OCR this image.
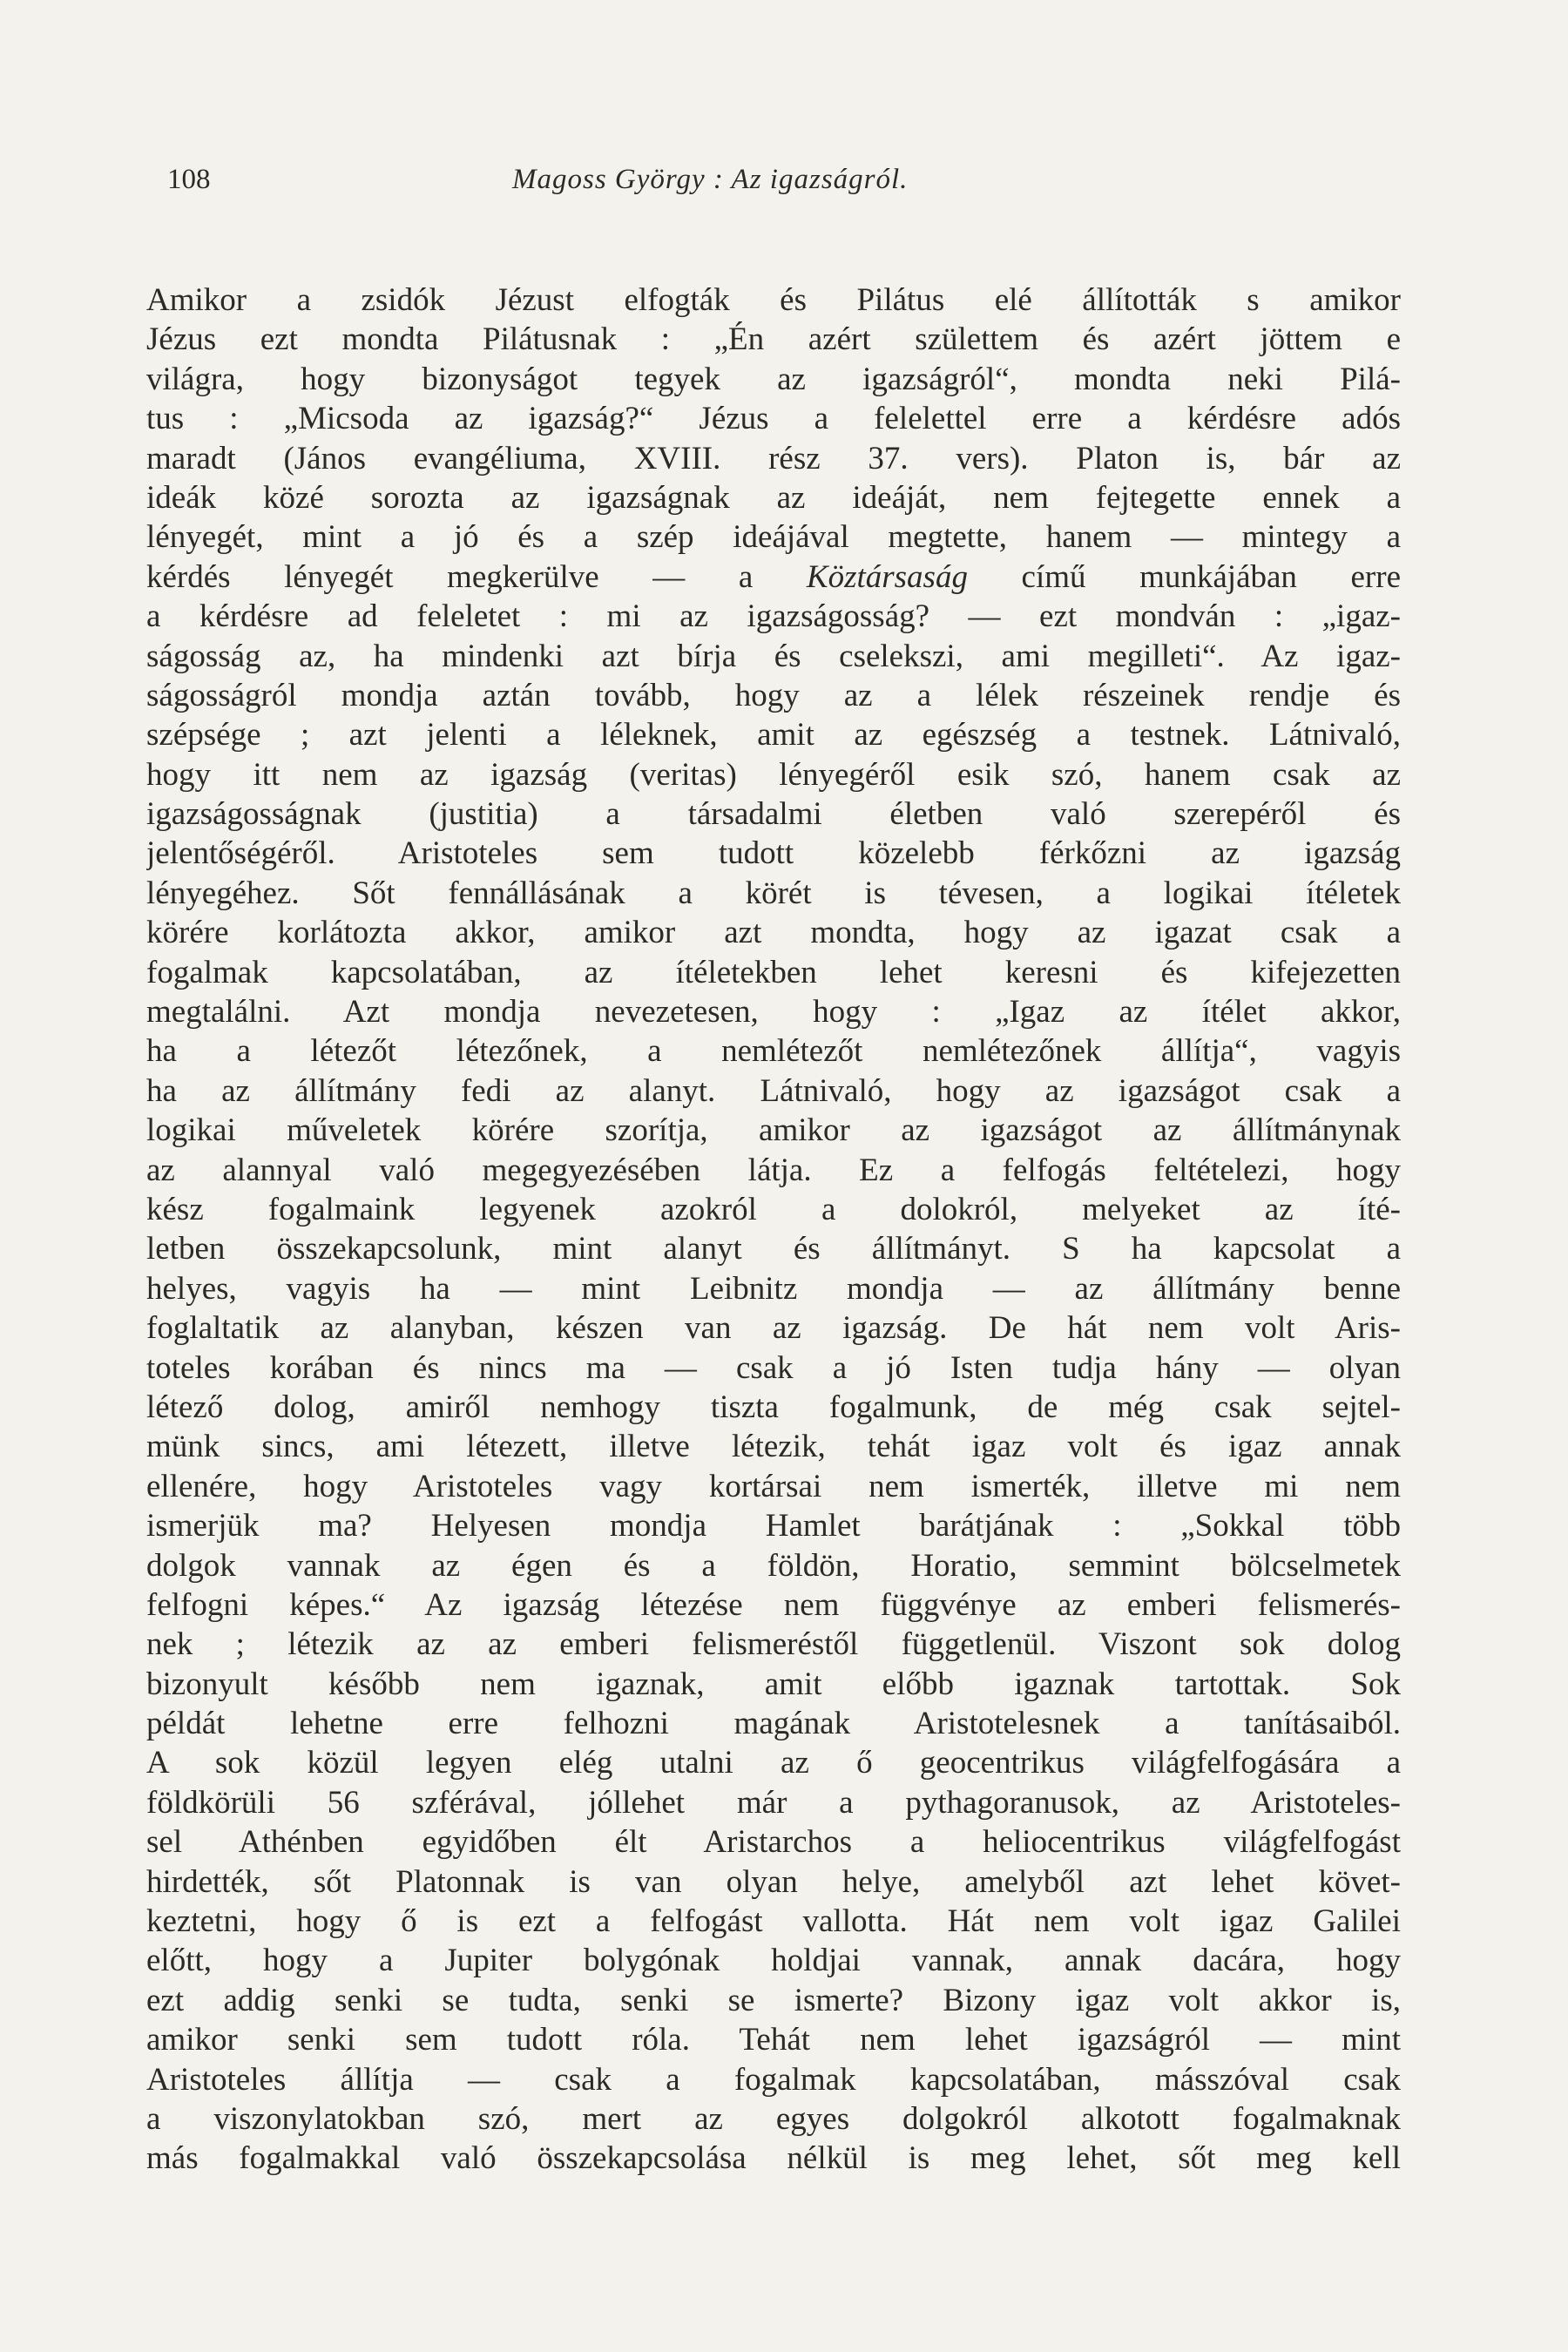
108	Magoss György : Az igazságról.
Amikor a zsidók Jézust elfogták és Pilátus elé állították s amikor
Jézus ezt mondta Pilátusnak : „Én azért születtem és azért jöttem e
világra, hogy bizonyságot tegyek az igazságról“, mondta neki Pilá-
tus : „Micsoda az igazság?“ Jézus a felelettel erre a kérdésre adós
maradt (János evangéliuma, XVIII. rész 37. vers). Platon is, bár az
ideák közé sorozta az igazságnak az ideáját, nem fejtegette ennek a
lényegét, mint a jó és a szép ideájával megtette, hanem — mintegy a
kérdés lényegét megkerülve — a Köztársaság című munkájában erre
a kérdésre ad feleletet : mi az igazságosság? — ezt mondván : „igaz-
ságosság az, ha mindenki azt bírja és cselekszi, ami megilleti“. Az igaz-
ságosságról mondja aztán tovább, hogy az a lélek részeinek rendje és
szépsége ; azt jelenti a léleknek, amit az egészség a testnek. Látnivaló,
hogy itt nem az igazság (veritas) lényegéről esik szó, hanem csak az
igazságosságnak (justitia) a társadalmi életben való szerepéről és
jelentőségéről. Aristoteles sem tudott közelebb férkőzni az igazság
lényegéhez. Sőt fennállásának a körét is tévesen, a logikai ítéletek
körére korlátozta akkor, amikor azt mondta, hogy az igazat csak a
fogalmak kapcsolatában, az ítéletekben lehet keresni és kifejezetten
megtalálni. Azt mondja nevezetesen, hogy : „Igaz az ítélet akkor,
ha a létezőt létezőnek, a nemlétezőt nemlétezőnek állítja“, vagyis
ha az állítmány fedi az alanyt. Látnivaló, hogy az igazságot csak a
logikai műveletek körére szorítja, amikor az igazságot az állítmánynak
az alannyal való megegyezésében látja. Ez a felfogás feltételezi, hogy
kész fogalmaink legyenek azokról a dolokról, melyeket az íté-
letben összekapcsolunk, mint alanyt és állítmányt. S ha kapcsolat a
helyes, vagyis ha — mint Leibnitz mondja — az állítmány benne
foglaltatik az alanyban, készen van az igazság. De hát nem volt Aris-
toteles korában és nincs ma — csak a jó Isten tudja hány — olyan
létező dolog, amiről nemhogy tiszta fogalmunk, de még csak sejtel-
münk sincs, ami létezett, illetve létezik, tehát igaz volt és igaz annak
ellenére, hogy Aristoteles vagy kortársai nem ismerték, illetve mi nem
ismerjük ma? Helyesen mondja Hamlet barátjának : „Sokkal több
dolgok vannak az égen és a földön, Horatio, semmint bölcselmetek
felfogni képes.“ Az igazság létezése nem függvénye az emberi felismerés-
nek ; létezik az az emberi felismeréstől függetlenül. Viszont sok dolog
bizonyult később nem igaznak, amit előbb igaznak tartottak. Sok
példát lehetne erre felhozni magának Aristotelesnek a tanításaiból.
A sok közül legyen elég utalni az ő geocentrikus világfelfogására a
földkörüli 56 szférával, jóllehet már a pythagoranusok, az Aristoteles-
sel Athénben egyidőben élt Aristarchos a heliocentrikus világfelfogást
hirdették, sőt Platonnak is van olyan helye, amelyből azt lehet követ-
keztetni, hogy ő is ezt a felfogást vallotta. Hát nem volt igaz Galilei
előtt, hogy a Jupiter bolygónak holdjai vannak, annak dacára, hogy
ezt addig senki se tudta, senki se ismerte? Bizony igaz volt akkor is,
amikor senki sem tudott róla. Tehát nem lehet igazságról — mint
Aristoteles állítja — csak a fogalmak kapcsolatában, másszóval csak
a viszonylatokban szó, mert az egyes dolgokról alkotott fogalmaknak
más fogalmakkal való összekapcsolása nélkül is meg lehet, sőt meg kell
